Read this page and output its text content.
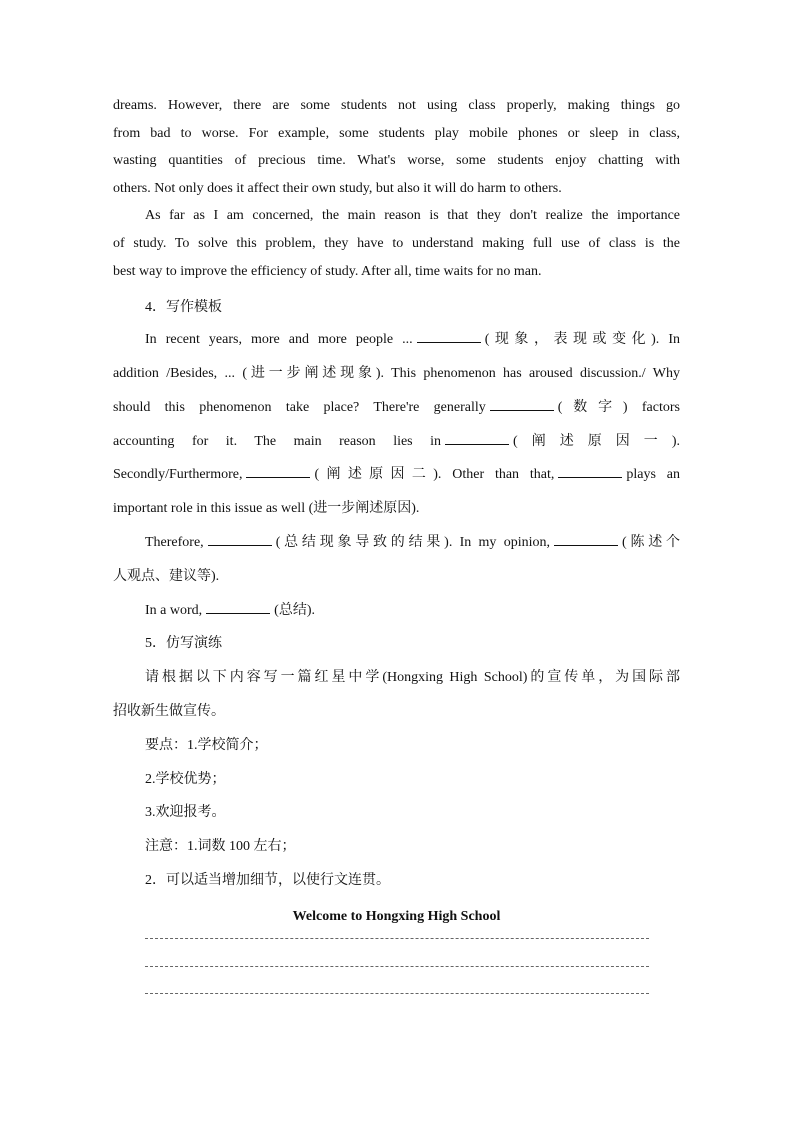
dreams. However, there are some students not using class properly, making things go

from bad to worse. For example, some students play mobile phones or sleep in class,

wasting quantities of precious time. What's worse, some students enjoy chatting with

others. Not only does it affect their own study, but also it will do harm to others.

As far as I am concerned, the main reason is that they don't realize the importance

of study. To solve this problem, they have to understand making full use of class is the

best way to improve the efficiency of study. After all, time waits for no man.

4．写作模板

In recent years, more and more people ...	(现象，表现或变化). In

addition /Besides, ... (进一步阐述现象). This phenomenon has aroused discussion./ Why

should this phenomenon take place? There're generally	(数字) factors

accounting for it. The main reason lies in	(阐述原因一).

Secondly/Furthermore,	(阐述原因二). Other than that,	plays an

important role in this issue as well (进一步阐述原因).

Therefore,	(总结现象导致的结果). In my opinion,	(陈述个

人观点、建议等).

In a word,	(总结).

5．仿写演练

请根据以下内容写一篇红星中学(Hongxing High School)的宣传单，为国际部

招收新生做宣传。

要点：1.学校简介；

2.学校优势；

3.欢迎报考。

注意：1.词数 100 左右；

2．可以适当增加细节，以使行文连贯。

Welcome to Hongxing High School
